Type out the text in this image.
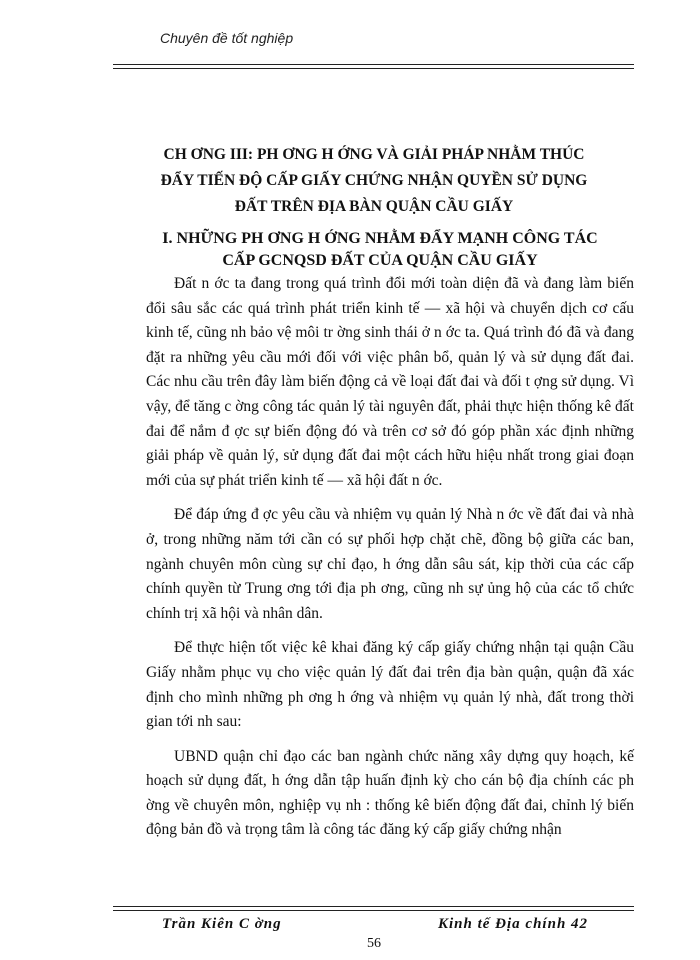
Chuyên đề tốt nghiệp
CH ƠNG III: PH ƠNG H ỚNG VÀ GIẢI PHÁP NHẰM THÚC
ĐẨY TIẾN ĐỘ CẤP GIẤY CHỨNG NHẬN QUYỀN SỬ DỤNG
ĐẤT TRÊN ĐỊA BÀN QUẬN CẦU GIẤY
I. NHỮNG PH ƠNG H ỚNG NHẰM ĐẨY MẠNH CÔNG TÁC
CẤP GCNQSD ĐẤT CỦA QUẬN CẦU GIẤY

Đất n ớc ta đang trong quá trình đổi mới toàn diện đã và đang làm biến đổi sâu sắc các quá trình phát triển kinh tế — xã hội và chuyển dịch cơ cấu kinh tế, cũng nh bảo vệ môi tr ờng sinh thái ở n ớc ta. Quá trình đó đã và đang đặt ra những yêu cầu mới đối với việc phân bổ, quản lý và sử dụng đất đai. Các nhu cầu trên đây làm biến động cả về loại đất đai và đối t ợng sử dụng. Vì vậy, để tăng c ờng công tác quản lý tài nguyên đất, phải thực hiện thống kê đất đai để nắm đ ợc sự biến động đó và trên cơ sở đó góp phần xác định những giải pháp về quản lý, sử dụng đất đai một cách hữu hiệu nhất trong giai đoạn mới của sự phát triển kinh tế — xã hội đất n ớc.

Để đáp ứng đ ợc yêu cầu và nhiệm vụ quản lý Nhà n ớc về đất đai và nhà ở, trong những năm tới cần có sự phối hợp chặt chẽ, đồng bộ giữa các ban, ngành chuyên môn cùng sự chỉ đạo, h ớng dẫn sâu sát, kịp thời của các cấp chính quyền từ Trung ơng tới địa ph ơng, cũng nh sự ủng hộ của các tổ chức chính trị xã hội và nhân dân.

Để thực hiện tốt việc kê khai đăng ký cấp giấy chứng nhận tại quận Cầu Giấy nhằm phục vụ cho việc quản lý đất đai trên địa bàn quận, quận đã xác định cho mình những ph ơng h ớng và nhiệm vụ quản lý nhà, đất trong thời gian tới nh sau:

UBND quận chỉ đạo các ban ngành chức năng xây dựng quy hoạch, kế hoạch sử dụng đất, h ớng dẫn tập huấn định kỳ cho cán bộ địa chính các ph ờng về chuyên môn, nghiệp vụ nh : thống kê biến động đất đai, chỉnh lý biến động bản đồ và trọng tâm là công tác đăng ký cấp giấy chứng nhận

Trần Kiên C ờng	Kinh tế Địa chính 42
56
